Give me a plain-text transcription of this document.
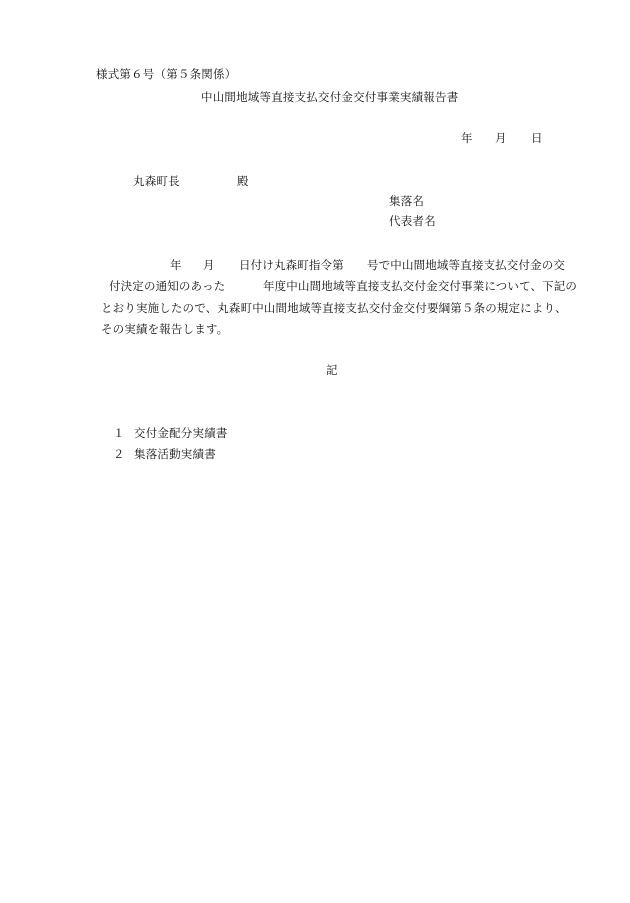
様式第６号（第５条関係）
中山間地域等直接支払交付金交付事業実績報告書
年 月 日
丸森町長	殿
集落名
代表者名
年 月 日付け丸森町指令第 号で中山間地域等直接支払交付金の交
付決定の通知のあった	年度中山間地域等直接支払交付金交付事業について、下記の
とおり実施したので、丸森町中山間地域等直接支払交付金交付要綱第５条の規定により、
その実績を報告します。
記
１ 交付金配分実績書
２ 集落活動実績書
